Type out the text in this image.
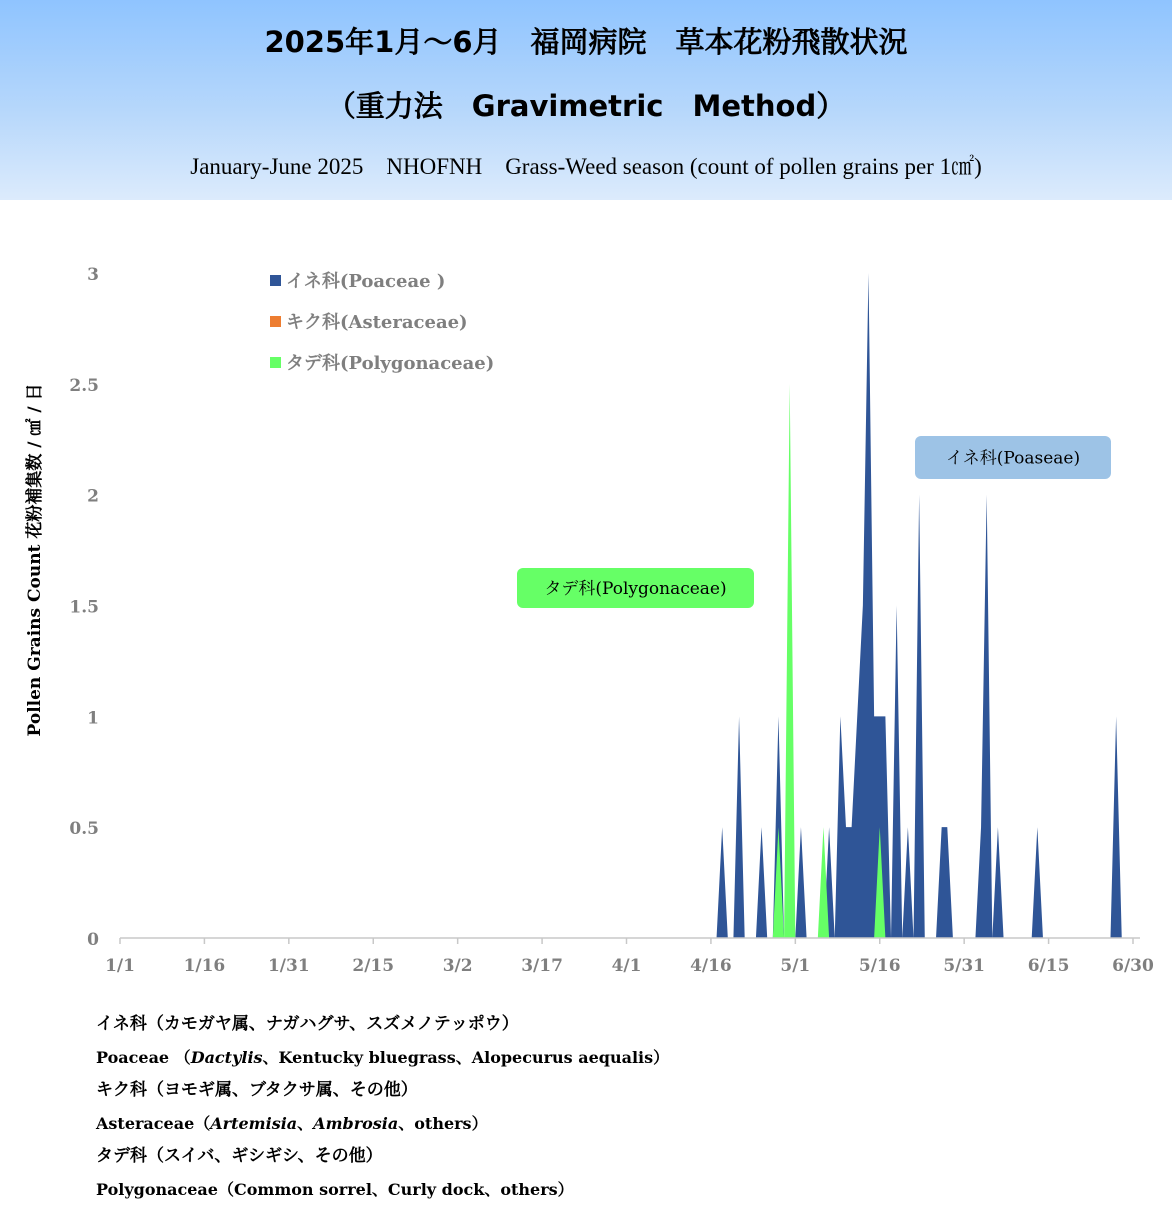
2025年1月～6月　福岡病院　草本花粉飛散状況
（重力法　Gravimetric　Method）
January-June 2025　NHOFNH　Grass-Weed season (count of pollen grains per 1㎠)
Pollen Grains Count 花粉補集数 / ㎠ / 日
1/1	1/16	1/31	2/15	3/2	3/17	4/1	4/16	5/1	5/16	5/31	6/15	6/30
0
0.5
1
1.5
2
2.5
3	イネ科(Poaceae )
キク科(Asteraceae)
タデ科(Polygonaceae)
タデ科(Polygonaceae)
イネ科(Poaseae)
イネ科（カモガヤ属、ナガハグサ、スズメノテッポウ）
Poaceae （Dactylis、Kentucky bluegrass、Alopecurus aequalis）
キク科（ヨモギ属、ブタクサ属、その他）
Asteraceae（Artemisia、Ambrosia、others）
タデ科（スイバ、ギシギシ、その他）
Polygonaceae（Common sorrel、Curly dock、others）
